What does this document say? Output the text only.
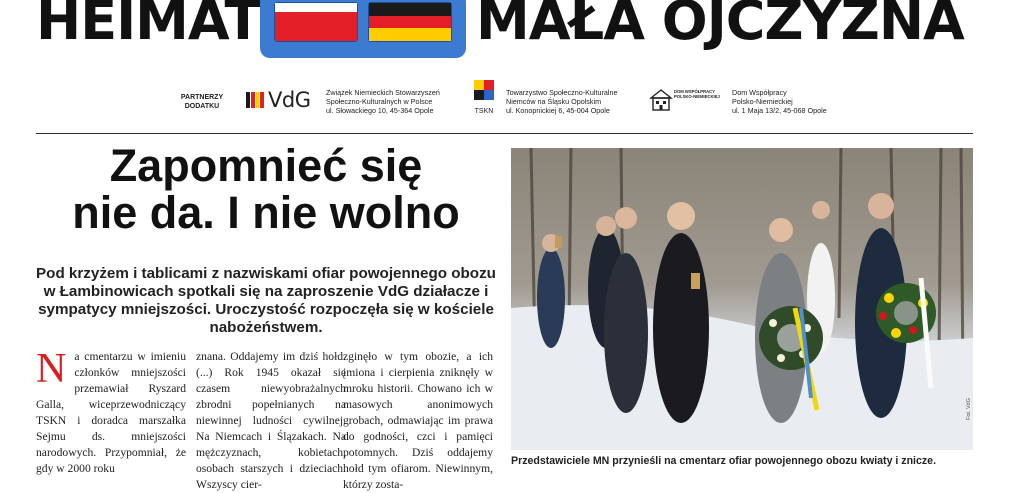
HEIMAT	MAŁA OJCZYZNA
PARTNERZY DODATKU	VdG Związek Niemieckich Stowarzyszeń
Społeczno-Kulturalnych w Polsce
ul. Słowackiego 10, 45-364 Opole	TSKN
Towarzystwo Społeczno-Kulturalne
Niemców na Śląsku Opolskim
ul. Konopnickiej 6, 45-004 Opole
DOM WSPÓŁPRACY
POLSKO-NIEMIECKIEJ Dom Współpracy
Polsko-Niemieckiej
ul. 1 Maja 13/2, 45-068 Opole
Zapomnieć się
nie da. I nie wolno

Pod krzyżem i tablicami z nazwiskami ofiar powojennego obozu w Łambinowicach spotkali się na zaproszenie VdG działacze i sympatycy mniejszości. Uroczystość rozpoczęła się w kościele nabożeństwem.

Na cmentarzu w imieniu członków mniejszości przemawiał Ryszard Galla, wiceprzewodniczący TSKN i doradca marszałka Sejmu ds. mniejszości narodowych. Przypomniał, że gdy w 2000 roku
znana. Oddajemy im dziś hołd. (...) Rok 1945 okazał się czasem niewyobrażalnych zbrodni popełnianych na niewinnej ludności cywilnej. Na Niemcach i Ślązakach. Na mężczyznach, kobietach, osobach starszych i dzieciach. Wszyscy cier-
zginęło w tym obozie, a ich imiona i cierpienia zniknęły w mroku historii. Chowano ich w masowych anonimowych grobach, odmawiając im prawa do godności, czci i pamięci potomnych. Dziś oddajemy hołd tym ofiarom. Niewinnym, którzy zosta-
Fot. VdG
Przedstawiciele MN przynieśli na cmentarz ofiar powojennego obozu kwiaty i znicze.
